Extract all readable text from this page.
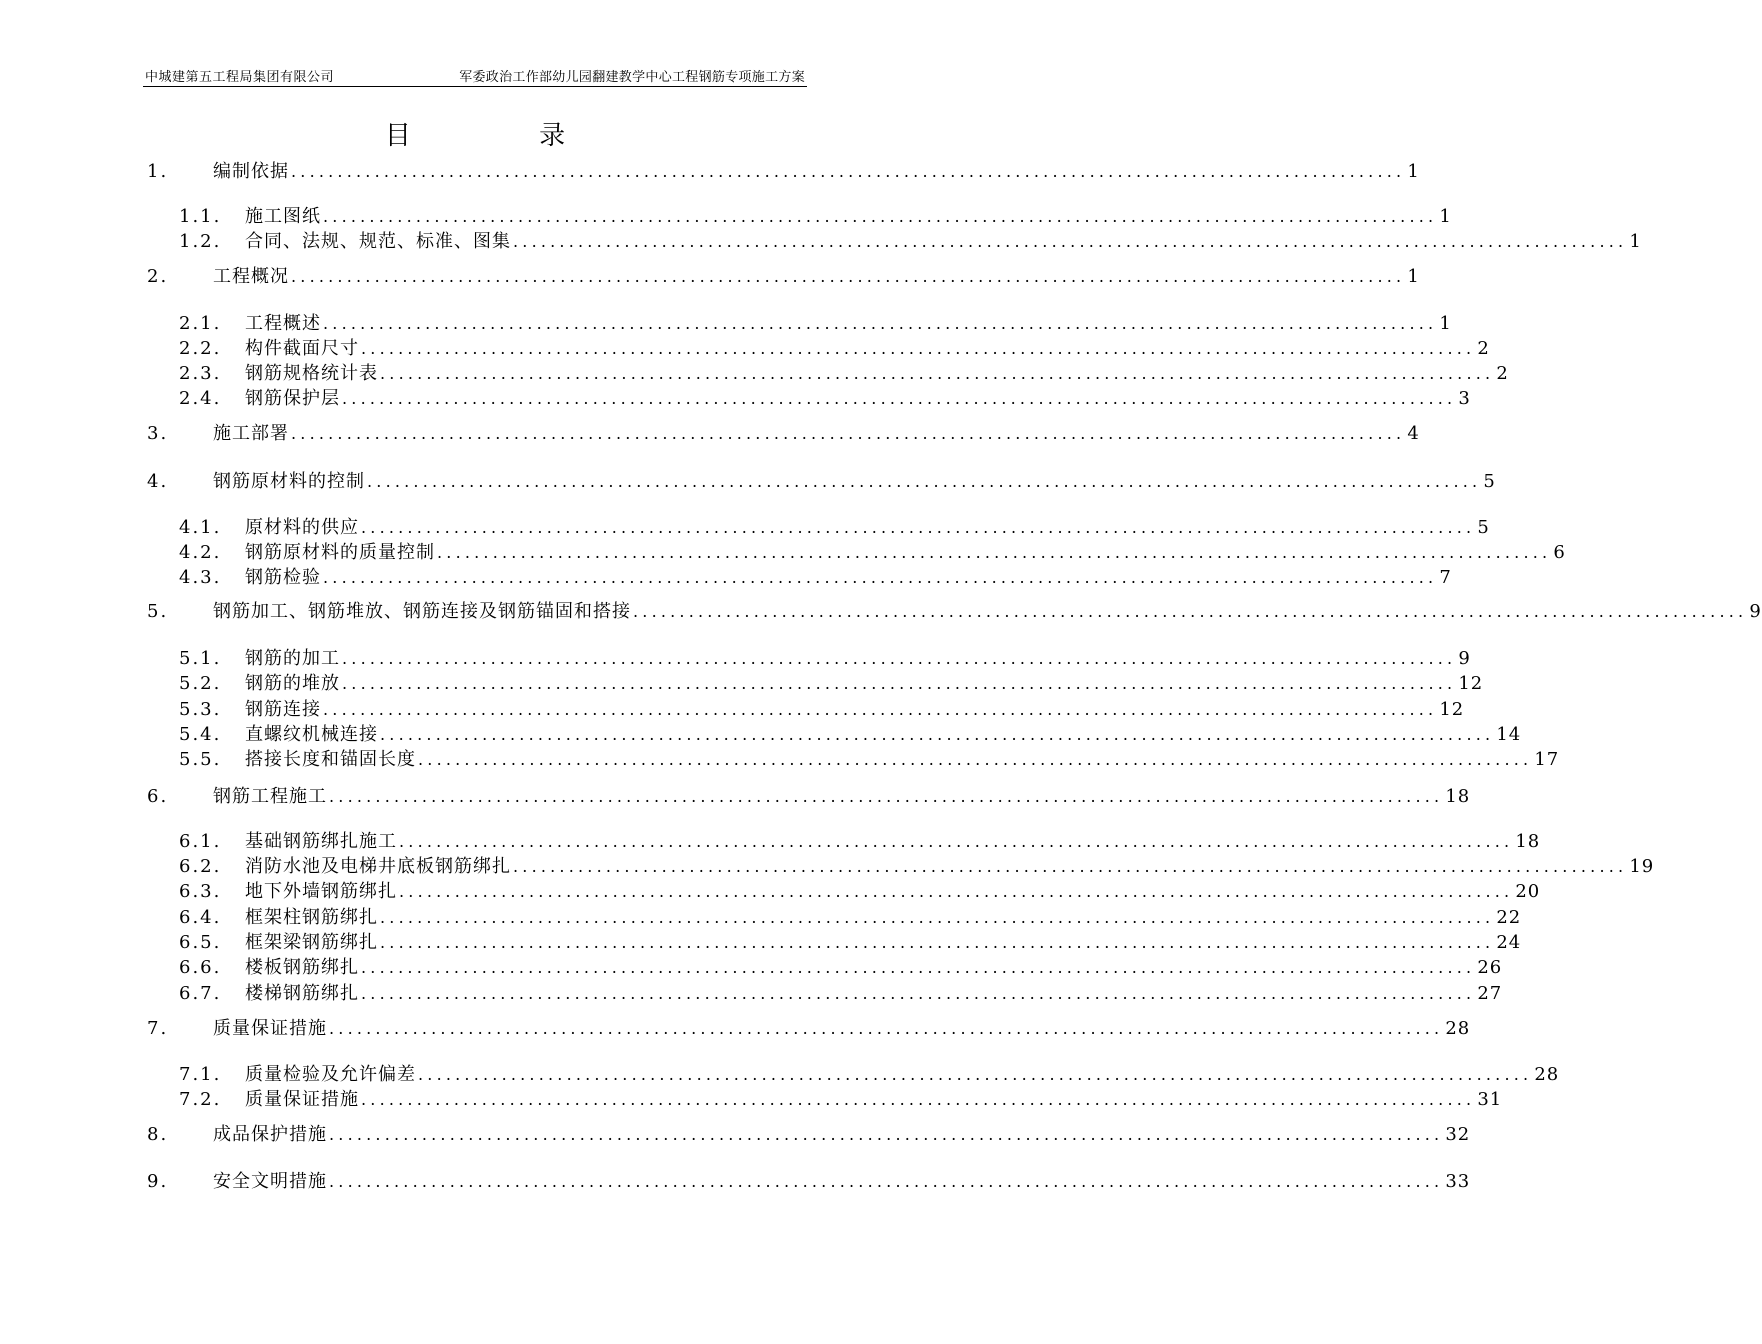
中城建第五工程局集团有限公司	军委政治工作部幼儿园翻建教学中心工程钢筋专项施工方案
目 录
1.	编制依据 ........................................................................................................................ 1
1.1.	施工图纸 ........................................................................................................................ 1
1.2.	合同、法规、规范、标准、图集 ........................................................................................................................ 1
2.	工程概况 ........................................................................................................................ 1
2.1.	工程概述 ........................................................................................................................ 1
2.2.	构件截面尺寸 ........................................................................................................................ 2
2.3.	钢筋规格统计表 ........................................................................................................................ 2
2.4.	钢筋保护层 ........................................................................................................................ 3
3.	施工部署 ........................................................................................................................ 4
4.	钢筋原材料的控制 ........................................................................................................................ 5
4.1.	原材料的供应 ........................................................................................................................ 5
4.2.	钢筋原材料的质量控制 ........................................................................................................................ 6
4.3.	钢筋检验 ........................................................................................................................ 7
5.	钢筋加工、钢筋堆放、钢筋连接及钢筋锚固和搭接 ........................................................................................................................ 9
5.1.	钢筋的加工 ........................................................................................................................ 9
5.2.	钢筋的堆放 ........................................................................................................................ 12
5.3.	钢筋连接 ........................................................................................................................ 12
5.4.	直螺纹机械连接 ........................................................................................................................ 14
5.5.	搭接长度和锚固长度 ........................................................................................................................ 17
6.	钢筋工程施工 ........................................................................................................................ 18
6.1.	基础钢筋绑扎施工 ........................................................................................................................ 18
6.2.	消防水池及电梯井底板钢筋绑扎 ........................................................................................................................ 19
6.3.	地下外墙钢筋绑扎 ........................................................................................................................ 20
6.4.	框架柱钢筋绑扎 ........................................................................................................................ 22
6.5.	框架梁钢筋绑扎 ........................................................................................................................ 24
6.6.	楼板钢筋绑扎 ........................................................................................................................ 26
6.7.	楼梯钢筋绑扎 ........................................................................................................................ 27
7.	质量保证措施 ........................................................................................................................ 28
7.1.	质量检验及允许偏差 ........................................................................................................................ 28
7.2.	质量保证措施 ........................................................................................................................ 31
8.	成品保护措施 ........................................................................................................................ 32
9.	安全文明措施 ........................................................................................................................ 33
